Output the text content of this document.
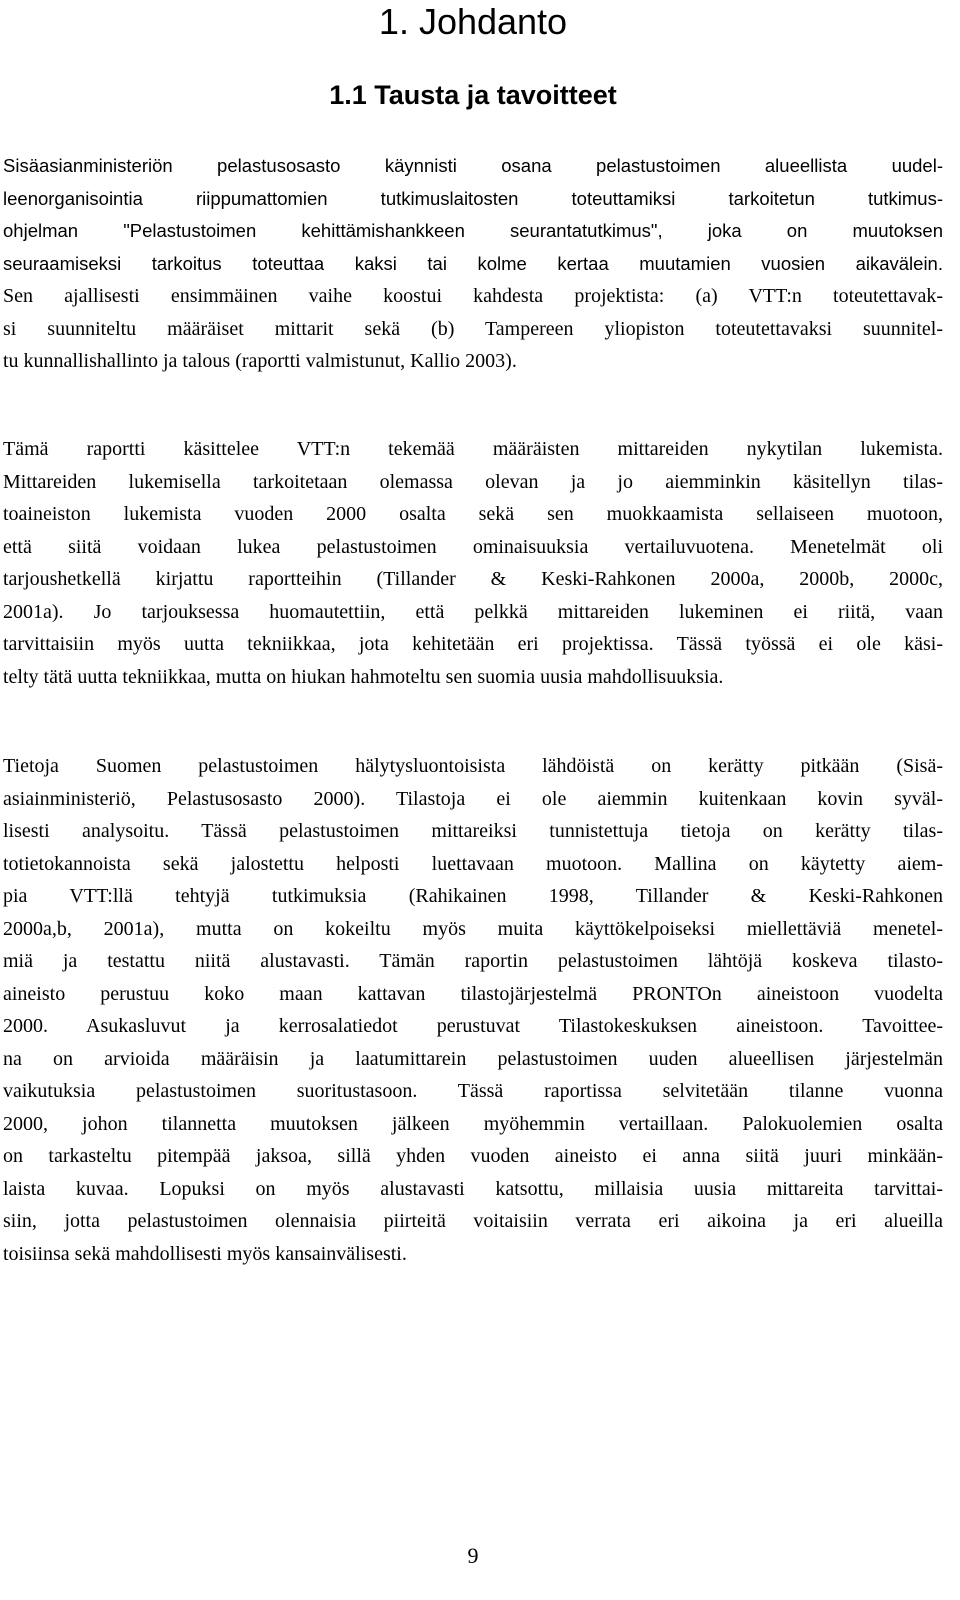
1. Johdanto
1.1 Tausta ja tavoitteet
Sisäasianministeriön pelastusosasto käynnisti osana pelastustoimen alueellista uudel-
leenorganisointia riippumattomien tutkimuslaitosten toteuttamiksi tarkoitetun tutkimus-
ohjelman "Pelastustoimen kehittämishankkeen seurantatutkimus", joka on muutoksen
seuraamiseksi tarkoitus toteuttaa kaksi tai kolme kertaa muutamien vuosien aikavälein.
Sen ajallisesti ensimmäinen vaihe koostui kahdesta projektista: (a) VTT:n toteutettavak-
si suunniteltu määräiset mittarit sekä (b) Tampereen yliopiston toteutettavaksi suunnitel-
tu kunnallishallinto ja talous (raportti valmistunut, Kallio 2003).
Tämä raportti käsittelee VTT:n tekemää määräisten mittareiden nykytilan lukemista.
Mittareiden lukemisella tarkoitetaan olemassa olevan ja jo aiemminkin käsitellyn tilas-
toaineiston lukemista vuoden 2000 osalta sekä sen muokkaamista sellaiseen muotoon,
että siitä voidaan lukea pelastustoimen ominaisuuksia vertailuvuotena. Menetelmät oli
tarjoushetkellä kirjattu raportteihin (Tillander & Keski-Rahkonen 2000a, 2000b, 2000c,
2001a). Jo tarjouksessa huomautettiin, että pelkkä mittareiden lukeminen ei riitä, vaan
tarvittaisiin myös uutta tekniikkaa, jota kehitetään eri projektissa. Tässä työssä ei ole käsi-
telty tätä uutta tekniikkaa, mutta on hiukan hahmoteltu sen suomia uusia mahdollisuuksia.
Tietoja Suomen pelastustoimen hälytysluontoisista lähdöistä on kerätty pitkään (Sisä-
asiainministeriö, Pelastusosasto 2000). Tilastoja ei ole aiemmin kuitenkaan kovin syväl-
lisesti analysoitu. Tässä pelastustoimen mittareiksi tunnistettuja tietoja on kerätty tilas-
totietokannoista sekä jalostettu helposti luettavaan muotoon. Mallina on käytetty aiem-
pia VTT:llä tehtyjä tutkimuksia (Rahikainen 1998, Tillander & Keski-Rahkonen
2000a,b, 2001a), mutta on kokeiltu myös muita käyttökelpoiseksi miellettäviä menetel-
miä ja testattu niitä alustavasti. Tämän raportin pelastustoimen lähtöjä koskeva tilasto-
aineisto perustuu koko maan kattavan tilastojärjestelmä PRONTOn aineistoon vuodelta
2000. Asukasluvut ja kerrosalatiedot perustuvat Tilastokeskuksen aineistoon. Tavoittee-
na on arvioida määräisin ja laatumittarein pelastustoimen uuden alueellisen järjestelmän
vaikutuksia pelastustoimen suoritustasoon. Tässä raportissa selvitetään tilanne vuonna
2000, johon tilannetta muutoksen jälkeen myöhemmin vertaillaan. Palokuolemien osalta
on tarkasteltu pitempää jaksoa, sillä yhden vuoden aineisto ei anna siitä juuri minkään-
laista kuvaa. Lopuksi on myös alustavasti katsottu, millaisia uusia mittareita tarvittai-
siin, jotta pelastustoimen olennaisia piirteitä voitaisiin verrata eri aikoina ja eri alueilla
toisiinsa sekä mahdollisesti myös kansainvälisesti.
9
